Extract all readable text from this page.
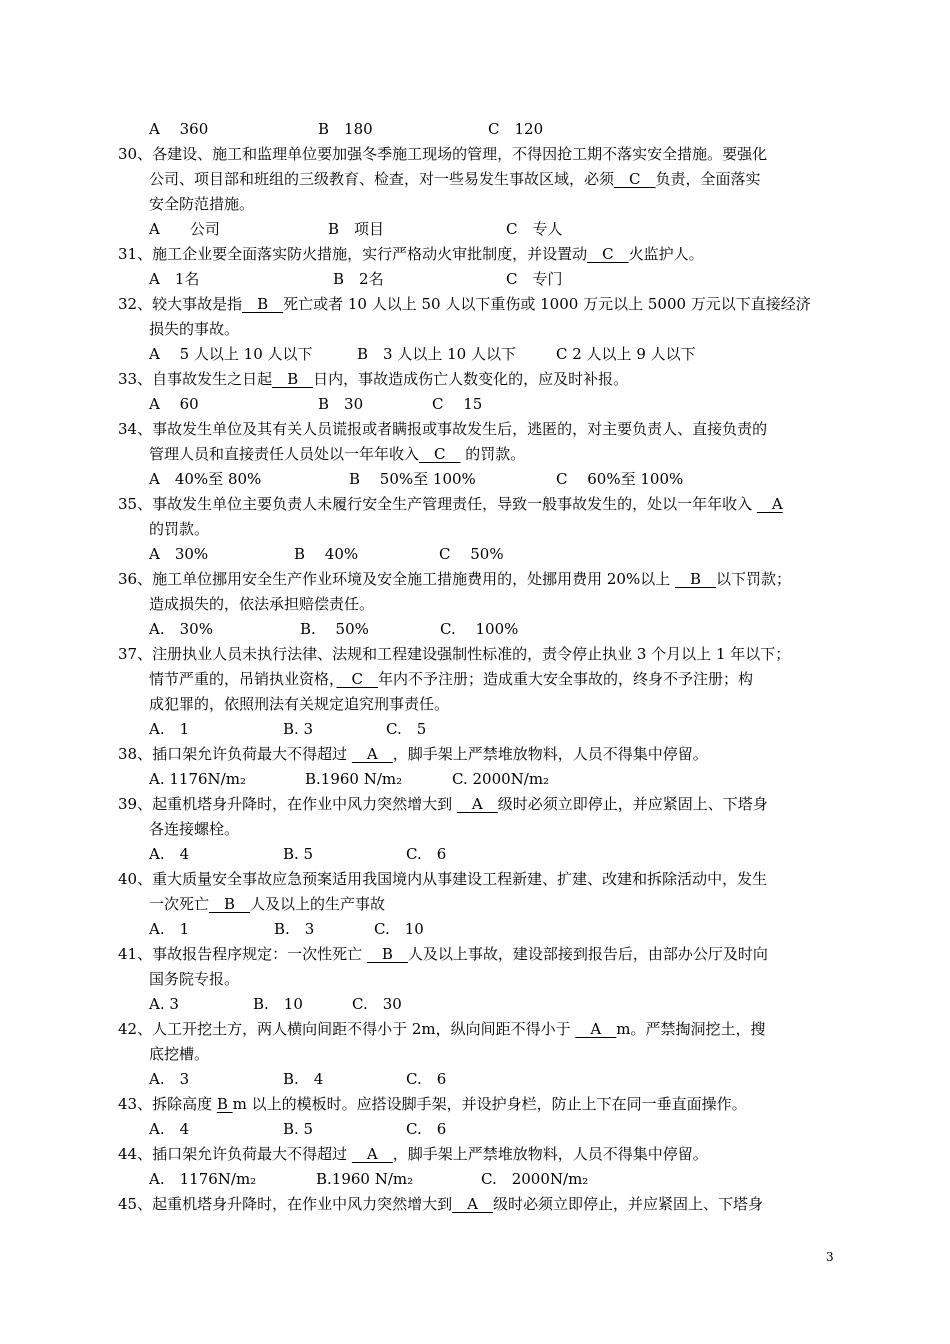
A　 360	B　180	C　120
30、各建设、施工和监理单位要加强冬季施工现场的管理，不得因抢工期不落实安全措施。要强化
公司、项目部和班组的三级教育、检查，对一些易发生事故区域，必须　C　负责，全面落实
安全防范措施。
A　　公司	B　项目	C　专人
31、施工企业要全面落实防火措施，实行严格动火审批制度，并设置动　C　火监护人。
A　1名	B　2名	C　专门
32、较大事故是指　B　死亡或者 10 人以上 50 人以下重伤或 1000 万元以上 5000 万元以下直接经济
损失的事故。
A　 5 人以上 10 人以下	B　3 人以上 10 人以下	C 2 人以上 9 人以下
33、自事故发生之日起　B　日内，事故造成伤亡人数变化的，应及时补报。
A　 60	B　30	C　 15
34、事故发生单位及其有关人员谎报或者瞒报或事故发生后，逃匿的，对主要负责人、直接负责的
管理人员和直接责任人员处以一年年收入　C　 的罚款。
A　40%至 80%	B　 50%至 100%	C　 60%至 100%
35、事故发生单位主要负责人未履行安全生产管理责任，导致一般事故发生的，处以一年年收入 　A
的罚款。
A　30%	B　 40%	C　 50%
36、施工单位挪用安全生产作业环境及安全施工措施费用的，处挪用费用 20%以上 　B　以下罚款；
造成损失的，依法承担赔偿责任。
A.　30%	B.　 50%	C.　 100%
37、注册执业人员未执行法律、法规和工程建设强制性标准的，责令停止执业 3 个月以上 1 年以下；
情节严重的，吊销执业资格，　C　年内不予注册；造成重大安全事故的，终身不予注册；构
成犯罪的，依照刑法有关规定追究刑事责任。
A.　1	B. 3	C.　5
38、插口架允许负荷最大不得超过 　A　，脚手架上严禁堆放物料，人员不得集中停留。
A. 1176N/m₂	B.1960 N/m₂	C. 2000N/m₂
39、起重机塔身升降时，在作业中风力突然增大到 　A　级时必须立即停止，并应紧固上、下塔身
各连接螺栓。
A.　4	B. 5	C.　6
40、重大质量安全事故应急预案适用我国境内从事建设工程新建、扩建、改建和拆除活动中，发生
一次死亡　B　人及以上的生产事故
A.　1	B.　3	C.　10
41、事故报告程序规定：一次性死亡 　B　人及以上事故，建设部接到报告后，由部办公厅及时向
国务院专报。
A. 3	B.　10	C.　30
42、人工开挖土方，两人横向间距不得小于 2m，纵向间距不得小于 　A　m。严禁掏洞挖土，搜
底挖槽。
A.　3	B.　4	C.　6
43、拆除高度 B m 以上的模板时。应搭设脚手架，并设护身栏，防止上下在同一垂直面操作。
A.　4	B. 5	C.　6
44、插口架允许负荷最大不得超过 　A　，脚手架上严禁堆放物料，人员不得集中停留。
A.　1176N/m₂	B.1960 N/m₂	C.　2000N/m₂
45、起重机塔身升降时，在作业中风力突然增大到　A　级时必须立即停止，并应紧固上、下塔身
3
